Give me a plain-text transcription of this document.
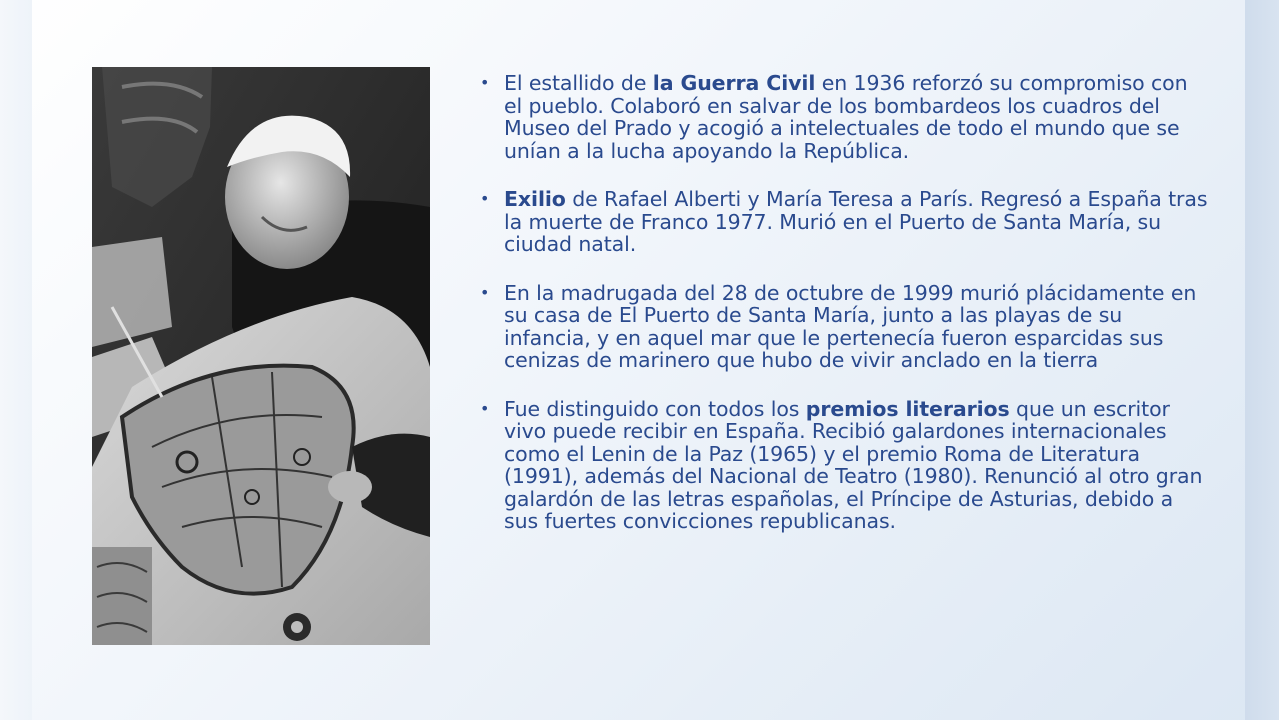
• El estallido de la Guerra Civil en 1936 reforzó su compromiso con el pueblo. Colaboró en salvar de los bombardeos los cuadros del Museo del Prado y acogió a intelectuales de todo el mundo que se unían a la lucha apoyando la República.
• Exilio de Rafael Alberti y María Teresa a París. Regresó a España tras la muerte de Franco 1977. Murió en el Puerto de Santa María, su ciudad natal.
• En la madrugada del 28 de octubre de 1999 murió plácidamente en su casa de El Puerto de Santa María, junto a las playas de su infancia, y en aquel mar que le pertenecía fueron esparcidas sus cenizas de marinero que hubo de vivir anclado en la tierra
• Fue distinguido con todos los premios literarios que un escritor vivo puede recibir en España. Recibió galardones internacionales como el Lenin de la Paz (1965) y el premio Roma de Literatura (1991), además del Nacional de Teatro (1980). Renunció al otro gran galardón de las letras españolas, el Príncipe de Asturias, debido a sus fuertes convicciones republicanas.
